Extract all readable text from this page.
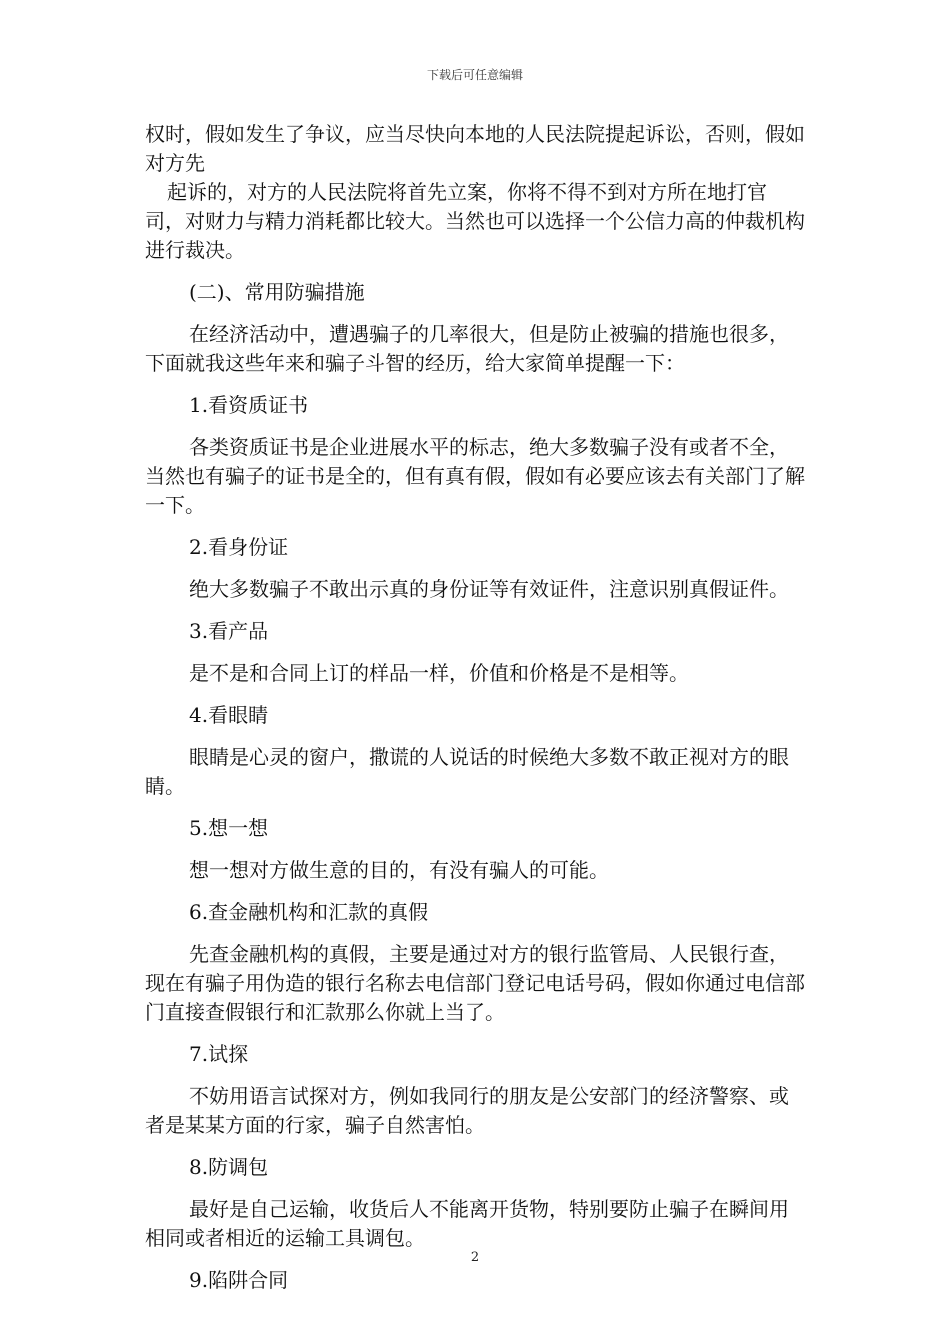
下载后可任意编辑

权时，假如发生了争议，应当尽快向本地的人民法院提起诉讼，否则，假如对方先

起诉的，对方的人民法院将首先立案，你将不得不到对方所在地打官司，对财力与精力消耗都比较大。当然也可以选择一个公信力高的仲裁机构进行裁决。

(二)、常用防骗措施

在经济活动中，遭遇骗子的几率很大，但是防止被骗的措施也很多，下面就我这些年来和骗子斗智的经历，给大家简单提醒一下：

1.看资质证书

各类资质证书是企业进展水平的标志，绝大多数骗子没有或者不全，当然也有骗子的证书是全的，但有真有假，假如有必要应该去有关部门了解一下。

2.看身份证

绝大多数骗子不敢出示真的身份证等有效证件，注意识别真假证件。

3.看产品

是不是和合同上订的样品一样，价值和价格是不是相等。

4.看眼睛

眼睛是心灵的窗户，撒谎的人说话的时候绝大多数不敢正视对方的眼睛。

5.想一想

想一想对方做生意的目的，有没有骗人的可能。

6.查金融机构和汇款的真假

先查金融机构的真假，主要是通过对方的银行监管局、人民银行查，现在有骗子用伪造的银行名称去电信部门登记电话号码，假如你通过电信部门直接查假银行和汇款那么你就上当了。

7.试探

不妨用语言试探对方，例如我同行的朋友是公安部门的经济警察、或者是某某方面的行家，骗子自然害怕。

8.防调包

最好是自己运输，收货后人不能离开货物，特别要防止骗子在瞬间用相同或者相近的运输工具调包。

9.陷阱合同

2
